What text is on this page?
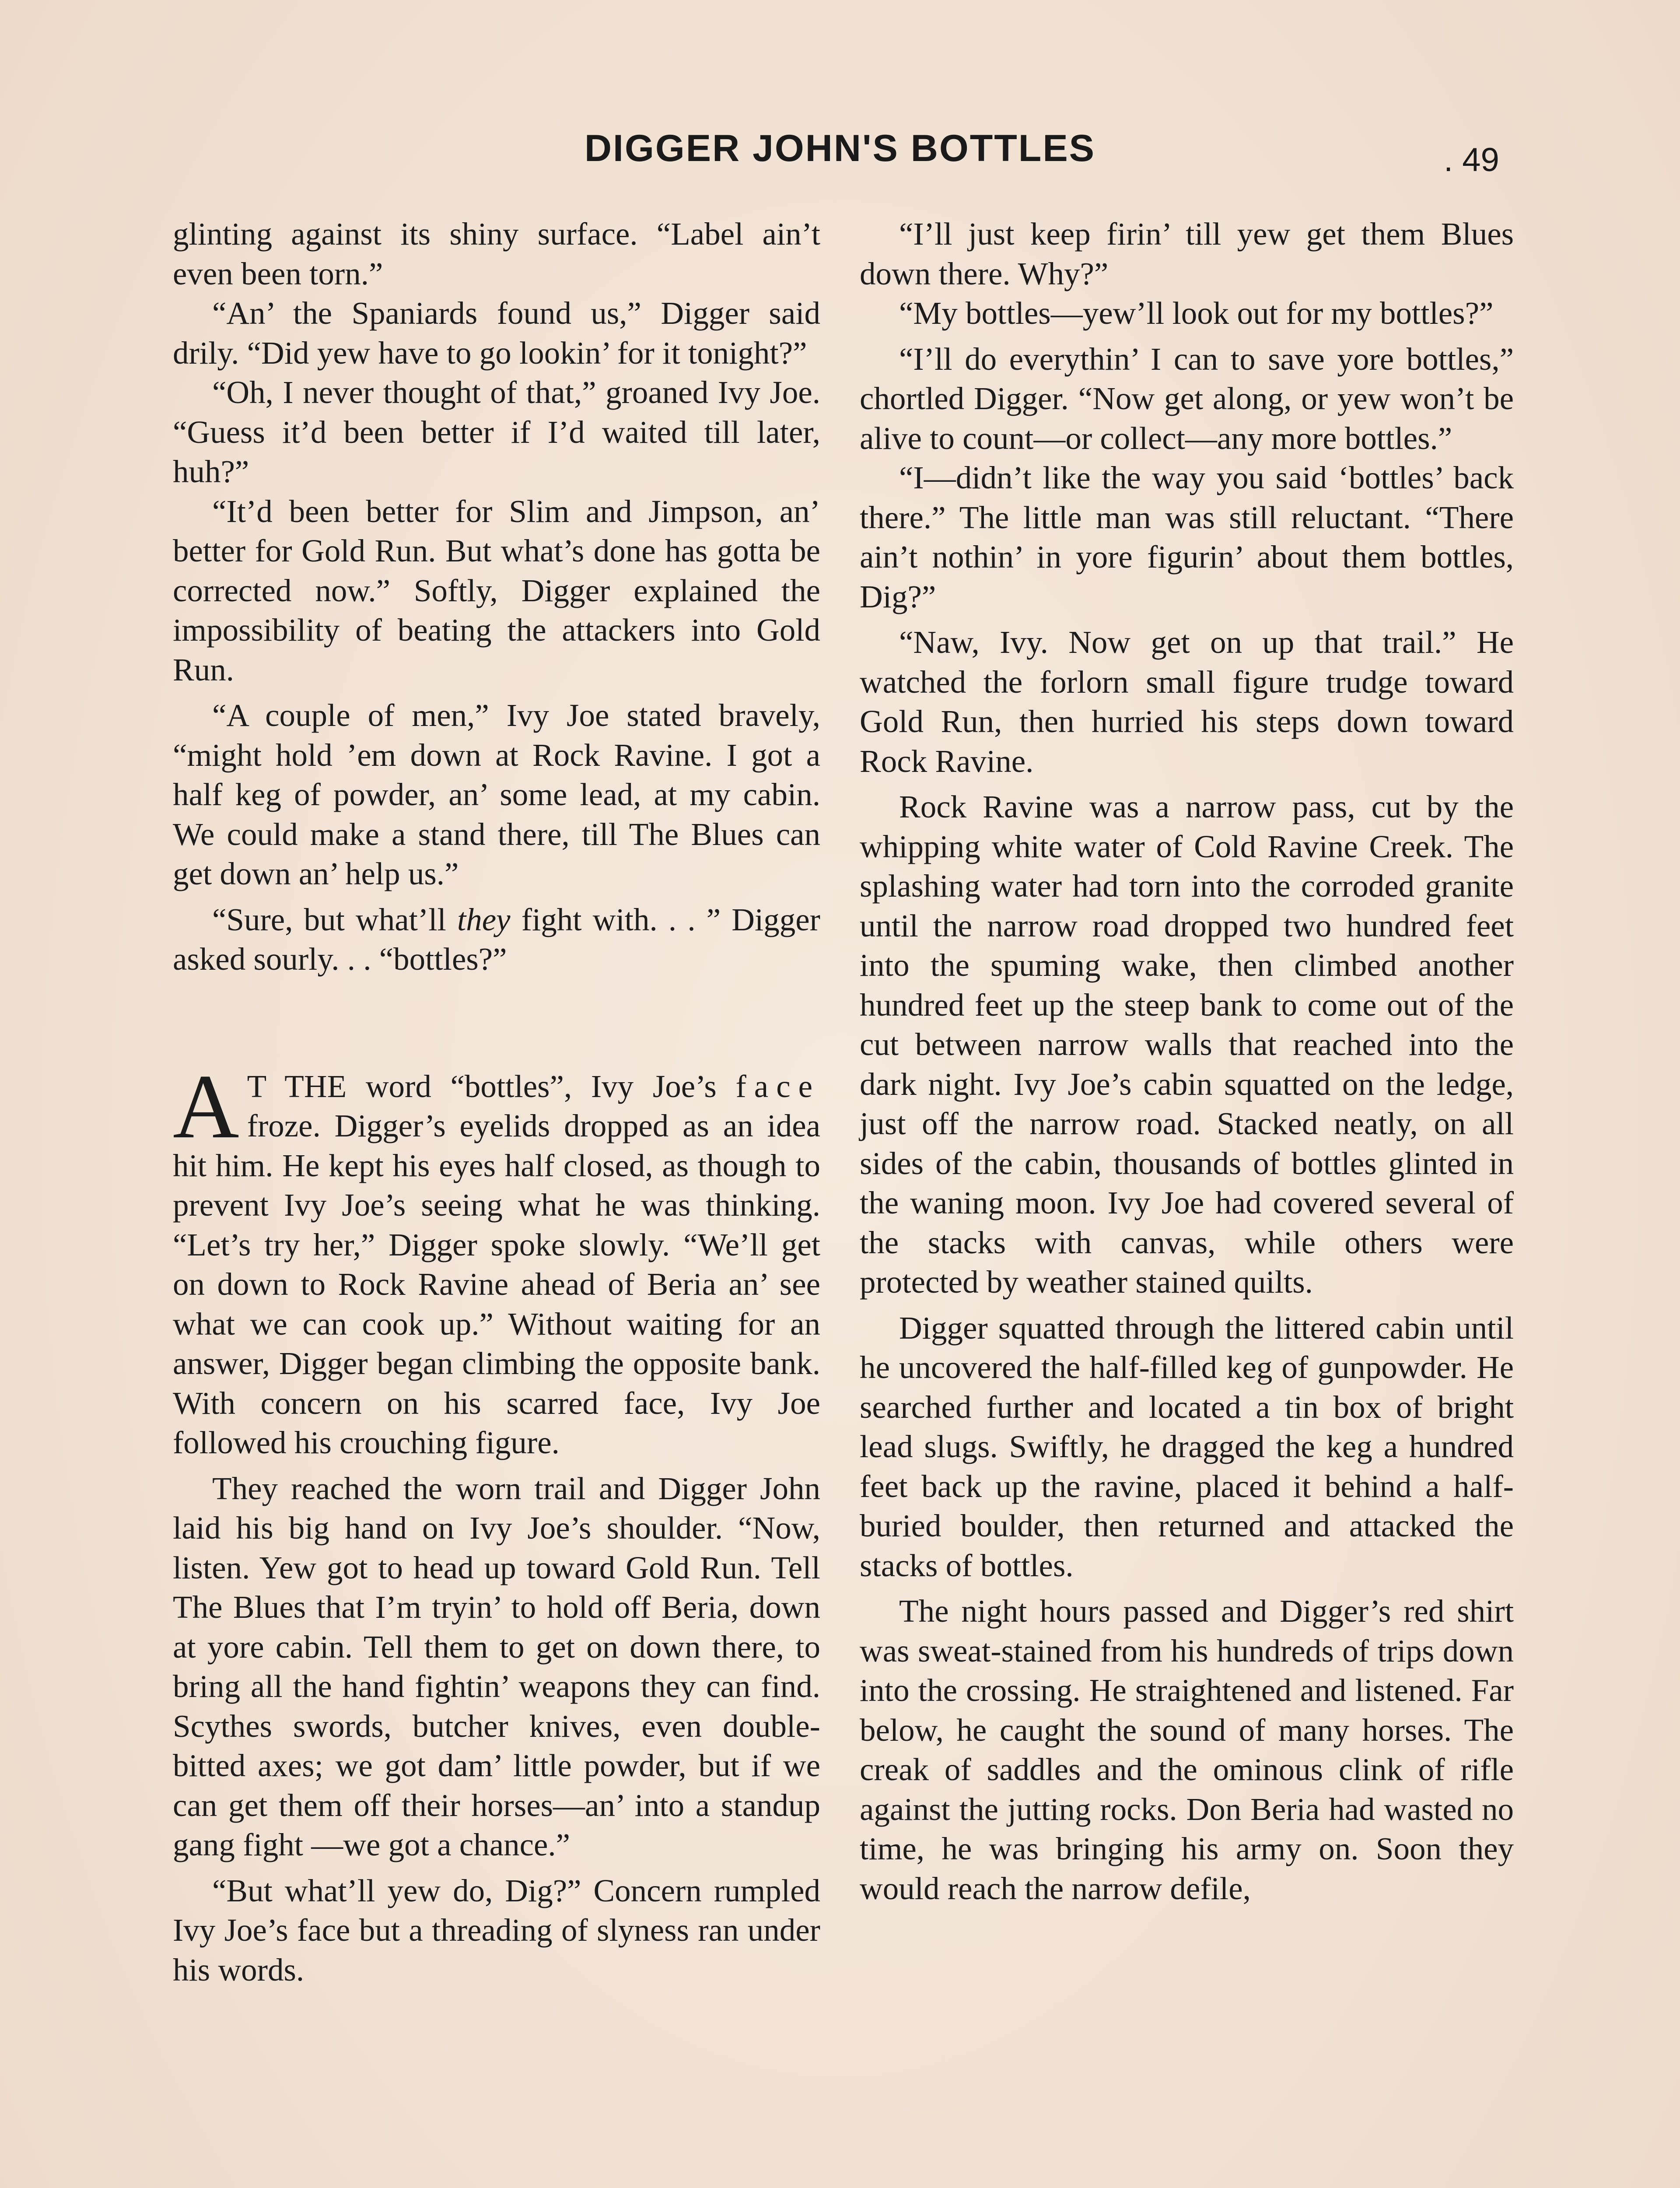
DIGGER JOHN'S BOTTLES	. 49

glinting against its shiny surface. “Label ain’t even been torn.”

“An’ the Spaniards found us,” Digger said drily. “Did yew have to go lookin’ for it tonight?”

“Oh, I never thought of that,” groaned Ivy Joe. “Guess it’d been better if I’d waited till later, huh?”

“It’d been better for Slim and Jimpson, an’ better for Gold Run. But what’s done has gotta be corrected now.” Softly, Digger explained the impossibility of beating the attackers into Gold Run.

“A couple of men,” Ivy Joe stated bravely, “might hold ’em down at Rock Ravine. I got a half keg of powder, an’ some lead, at my cabin. We could make a stand there, till The Blues can get down an’ help us.”

“Sure, but what’ll they fight with. . . ” Digger asked sourly. . . “bottles?”

A T THE word “bottles”, Ivy Joe’s face froze. Digger’s eyelids dropped as an idea hit him. He kept his eyes half closed, as though to prevent Ivy Joe’s seeing what he was thinking. “Let’s try her,” Digger spoke slowly. “We’ll get on down to Rock Ravine ahead of Beria an’ see what we can cook up.” Without waiting for an answer, Digger began climbing the opposite bank. With concern on his scarred face, Ivy Joe followed his crouching figure.

They reached the worn trail and Digger John laid his big hand on Ivy Joe’s shoulder. “Now, listen. Yew got to head up toward Gold Run. Tell The Blues that I’m tryin’ to hold off Beria, down at yore cabin. Tell them to get on down there, to bring all the hand fightin’ weapons they can find. Scythes swords, butcher knives, even double-bitted axes; we got dam’ little powder, but if we can get them off their horses—an’ into a standup gang fight —we got a chance.”

“But what’ll yew do, Dig?” Concern rumpled Ivy Joe’s face but a threading of slyness ran under his words.

“I’ll just keep firin’ till yew get them Blues down there. Why?”

“My bottles—yew’ll look out for my bottles?”

“I’ll do everythin’ I can to save yore bottles,” chortled Digger. “Now get along, or yew won’t be alive to count—or collect—any more bottles.”

“I—didn’t like the way you said ‘bottles’ back there.” The little man was still reluctant. “There ain’t nothin’ in yore figurin’ about them bottles, Dig?”

“Naw, Ivy. Now get on up that trail.” He watched the forlorn small figure trudge toward Gold Run, then hurried his steps down toward Rock Ravine.

Rock Ravine was a narrow pass, cut by the whipping white water of Cold Ravine Creek. The splashing water had torn into the corroded granite until the narrow road dropped two hundred feet into the spuming wake, then climbed another hundred feet up the steep bank to come out of the cut between narrow walls that reached into the dark night. Ivy Joe’s cabin squatted on the ledge, just off the narrow road. Stacked neatly, on all sides of the cabin, thousands of bottles glinted in the waning moon. Ivy Joe had covered several of the stacks with canvas, while others were protected by weather stained quilts.

Digger squatted through the littered cabin until he uncovered the half-filled keg of gunpowder. He searched further and located a tin box of bright lead slugs. Swiftly, he dragged the keg a hundred feet back up the ravine, placed it behind a half-buried boulder, then returned and attacked the stacks of bottles.

The night hours passed and Digger’s red shirt was sweat-stained from his hundreds of trips down into the crossing. He straightened and listened. Far below, he caught the sound of many horses. The creak of saddles and the ominous clink of rifle against the jutting rocks. Don Beria had wasted no time, he was bringing his army on. Soon they would reach the narrow defile,
